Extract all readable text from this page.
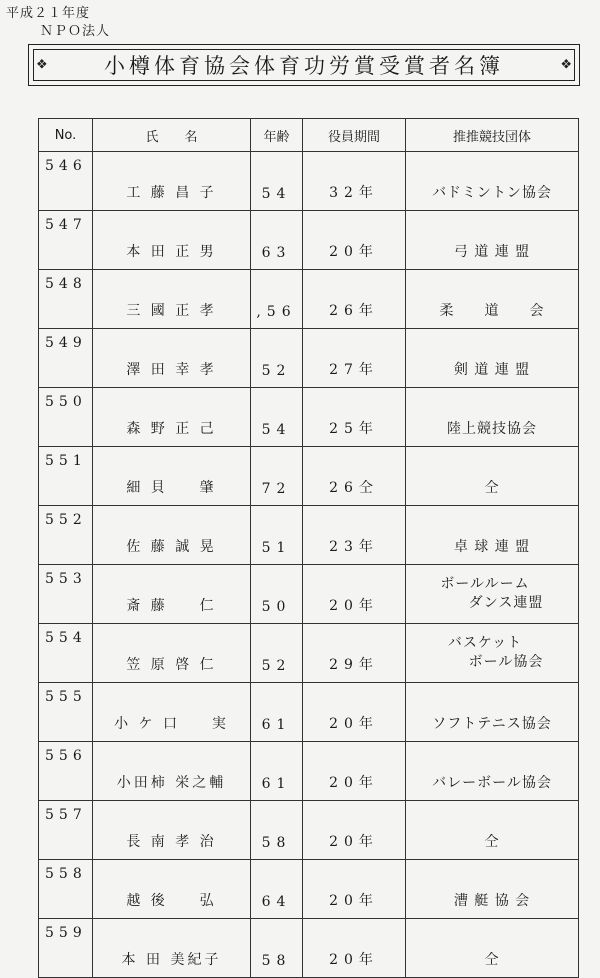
平成２１年度
ＮＰＯ法人
❖	❖
小樽体育協会体育功労賞受賞者名簿
No.	氏　　名	年齢	役員期間	推推競技団体
546	工 藤 昌 子	54	32年	バドミントン協会
547	本 田 正 男	63	20年	弓 道 連 盟
548	三 國 正 孝	,56	26年	柔　　道　　会
549	澤 田 幸 孝	52	27年	剣 道 連 盟
550	森 野 正 己	54	25年	陸上競技協会
551	細 貝 　 肇	72	26仝	仝
552	佐 藤 誠 晃	51	23年	卓 球 連 盟
553	斎 藤 　 仁	50	20年	ボールルーム
ダンス連盟

554	笠 原 啓 仁	52	29年	バスケット
ボール協会

555	小 ケ 口 　 実	61	20年	ソフトテニス協会
556	小田柿 栄之輔	61	20年	バレーボール協会
557	長 南 孝 治	58	20年	仝
558	越 後 　 弘	64	20年	漕 艇 協 会
559	本 田 美紀子	58	20年	仝
